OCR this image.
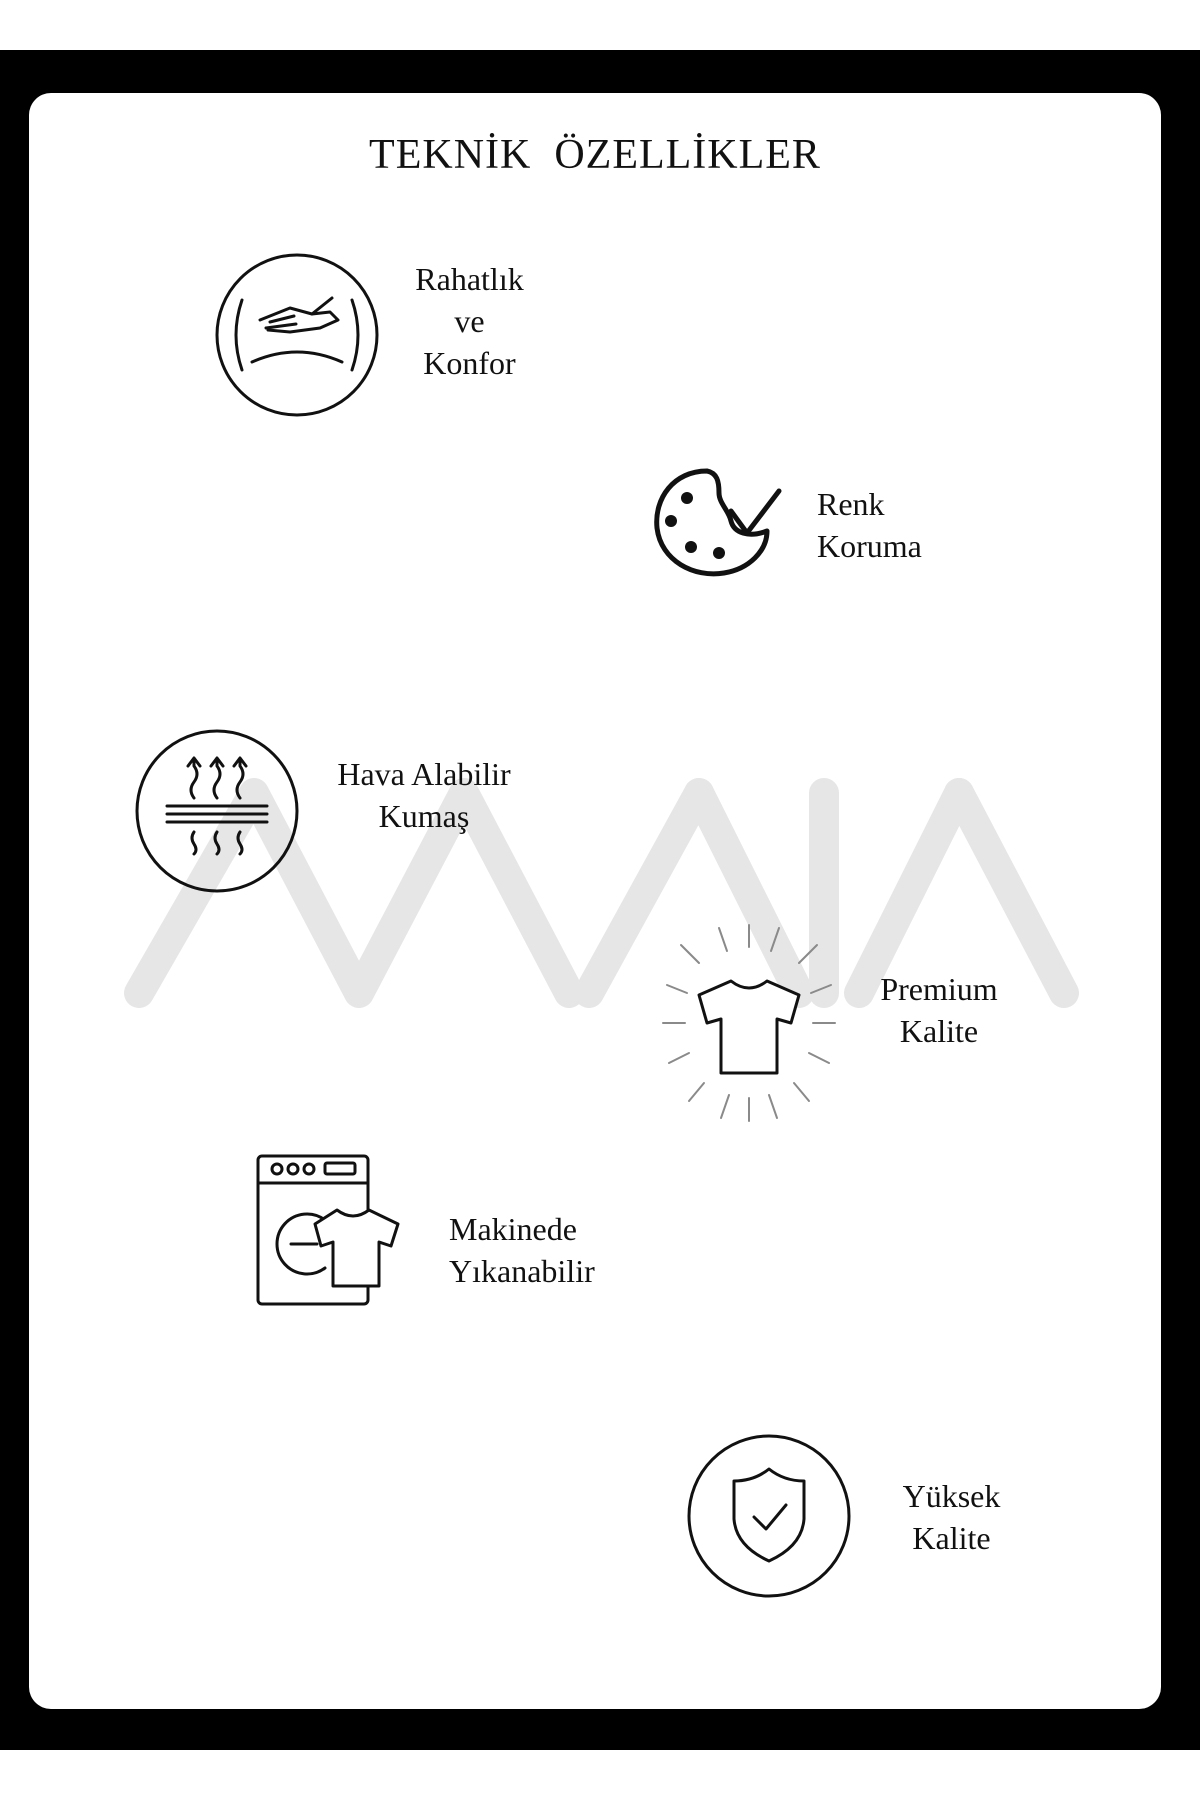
TEKNİK  ÖZELLİKLER
Rahatlık
ve
Konfor
Renk
Koruma
Hava Alabilir
Kumaş
Premium
Kalite
Makinede
Yıkanabilir
Yüksek
Kalite
